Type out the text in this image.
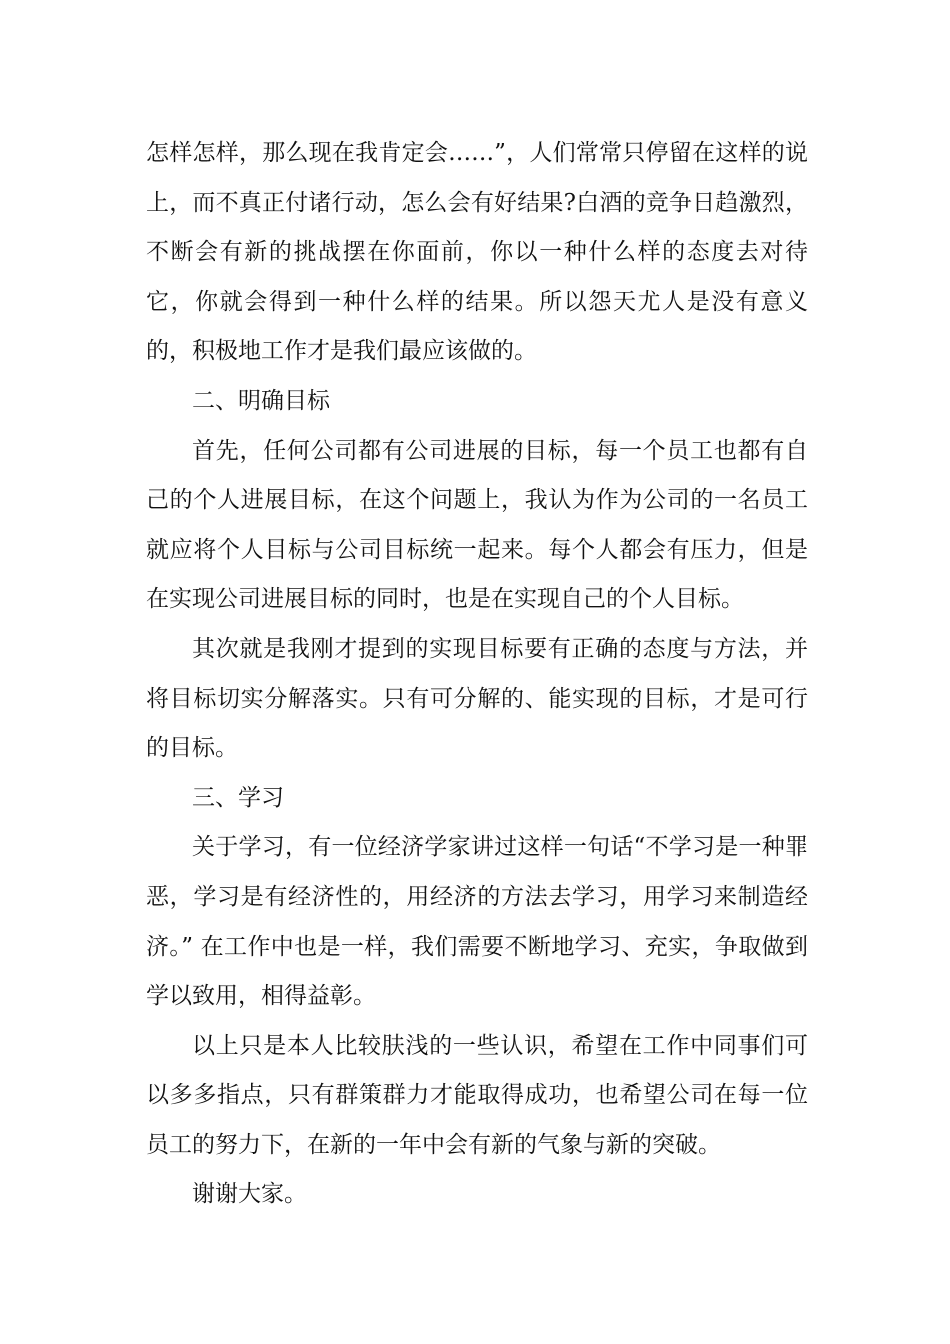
怎样怎样，那么现在我肯定会……”，人们常常只停留在这样的说上，而不真正付诸行动，怎么会有好结果?白酒的竞争日趋激烈，不断会有新的挑战摆在你面前，你以一种什么样的态度去对待它，你就会得到一种什么样的结果。所以怨天尤人是没有意义的，积极地工作才是我们最应该做的。

二、明确目标

首先，任何公司都有公司进展的目标，每一个员工也都有自己的个人进展目标，在这个问题上，我认为作为公司的一名员工就应将个人目标与公司目标统一起来。每个人都会有压力，但是在实现公司进展目标的同时，也是在实现自己的个人目标。

其次就是我刚才提到的实现目标要有正确的态度与方法，并将目标切实分解落实。只有可分解的、能实现的目标，才是可行的目标。

三、学习

关于学习，有一位经济学家讲过这样一句话“不学习是一种罪恶，学习是有经济性的，用经济的方法去学习，用学习来制造经济。” 在工作中也是一样，我们需要不断地学习、充实，争取做到学以致用，相得益彰。

以上只是本人比较肤浅的一些认识，希望在工作中同事们可以多多指点，只有群策群力才能取得成功，也希望公司在每一位员工的努力下，在新的一年中会有新的气象与新的突破。

谢谢大家。
